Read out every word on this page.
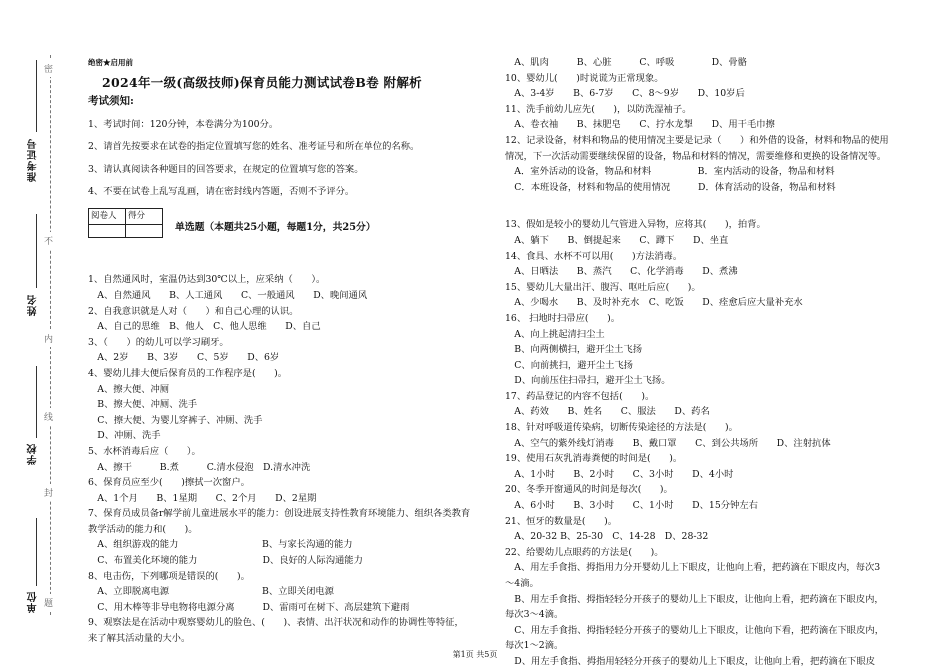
密
不
内
线
封
题
准考证号
姓名
学校
单位
绝密★启用前
2024年一级(高级技师)保育员能力测试试卷B卷 附解析
考试须知:
1、考试时间：120分钟，本卷满分为100分。
2、请首先按要求在试卷的指定位置填写您的姓名、准考证号和所在单位的名称。
3、请认真阅读各种题目的回答要求，在规定的位置填写您的答案。
4、不要在试卷上乱写乱画，请在密封线内答题，否则不予评分。
阅卷人	得分

单选题（本题共25小题，每题1分，共25分）
1、自然通风时，室温仍达到30℃以上，应采纳（　　）。
　A、自然通风　　B、人工通风　　C、一般通风　　D、晚间通风
2、自我意识就是人对（　　）和自己心理的认识。
　A、自己的思维　B、他人　C、他人思维　　D、自己
3、（　　）的幼儿可以学习刷牙。
　A、2岁　　B、3岁　　C、5岁　　D、6岁
4、婴幼儿排大便后保育员的工作程序是(　　)。
　A、擦大便、冲厕
　B、擦大便、冲厕、洗手
　C、擦大便、为婴儿穿裤子、冲厕、洗手
　D、冲厕、洗手
5、水杯消毒后应（　　）。
　A、擦干　　　B.煮　　　C.清水侵泡　D.清水冲洗
6、保育员应至少(　　)擦拭一次窗户。
　A、1个月　　B、1星期　　C、2个月　　D、2星期
7、保育员成员备r解学前儿童进展水平的能力：创设进展支持性教育环境能力、组织各类教育
教学活动的能力和(　　)。
　A、组织游戏的能力　　　　　　　　　B、与家长沟通的能力
　C、布置美化环境的能力　　　　　　　D、良好的人际沟通能力
8、电击伤，下列哪项是错误的(　　)。
　A、立即脱离电源　　　　　　　　　　B、立即关闭电源
　C、用木棒等非导电物将电源分离　　　D、雷雨可在树下、高层建筑下避雨
9、观察法是在活动中观察婴幼儿的脸色、(　　)、表情、出汗状况和动作的协调性等特征，
来了解其活动量的大小。
　A、肌肉　　　B、心脏　　　C、呼吸　　　　D、骨骼
10、婴幼儿(　　)时说谎为正常现象。
　A、3-4岁　　B、6-7岁　　C、8～9岁　　D、10岁后
11、洗手前幼儿应先(　　)，以防洗湿袖子。
　A、卷衣袖　　B、抹肥皂　　C、拧水龙掣　　D、用干毛巾擦
12、记录设备，材料和物品的使用情况主要是记录（　　）和外借的设备，材料和物品的使用
情况，下一次活动需要继续保留的设备，物品和材料的情况，需要维修和更换的设备情况等。
　A．室外活动的设备，物品和材料　　　　　B．室内活动的设备，物品和材料
　C．本班设备，材料和物品的使用情况　　　D．体育活动的设备，物品和材料
13、假如是较小的婴幼儿气管进入异物，应将其(　　)，拍背。
　A、躺下　　B、倒提起来　　C、蹲下　　D、坐直
14、食具、水杯不可以用(　　)方法消毒。
　A、日晒法　　B、蒸汽　　C、化学消毒　　D、煮沸
15、婴幼儿大量出汗、腹泻、呕吐后应(　　)。
　A、少喝水　　B、及时补充水　C、吃饭　　D、痊愈后应大量补充水
16、 扫地时扫帚应(　　)。
　A、向上挑起清扫尘土
　B、向两侧横扫，避开尘土飞扬
　C、向前挑扫，避开尘土飞扬
　D、向前压住扫帚扫，避开尘土飞扬。
17、药品登记的内容不包括(　　)。
　A、药效　　B、姓名　　C、服法　　D、药名
18、针对呼吸道传染病，切断传染途径的方法是(　　)。
　A、空气的紫外线灯消毒　　B、戴口罩　　C、到公共场所　　D、注射抗体
19、使用石灰乳消毒粪便的时间是(　　)。
　A、1小时　　B、2小时　　C、3小时　　D、4小时
20、冬季开窗通风的时间是每次(　　)。
　A、6小时　　B、3小时　　C、1小时　　D、15分钟左右
21、恒牙的数量是(　　)。
　A、20-32 B、25-30　C、14-28　D、28-32
22、给婴幼儿点眼药的方法是(　　)。
　A、用左手食指、拇指用力分开婴幼儿上下眼皮，让他向上看，把药滴在下眼皮内，每次3
～4滴。
　B、用左手食指、拇指轻轻分开孩子的婴幼儿上下眼皮，让他向上看，把药滴在下眼皮内，
每次3～4滴。
　C、用左手食指、拇指轻轻分开孩子的婴幼儿上下眼皮，让他向下看，把药滴在下眼皮内，
每次1～2滴。
　D、用左手食指、拇指用轻轻分开孩子的婴幼儿上下眼皮，让他向上看，把药滴在下眼皮
第1页 共5页
